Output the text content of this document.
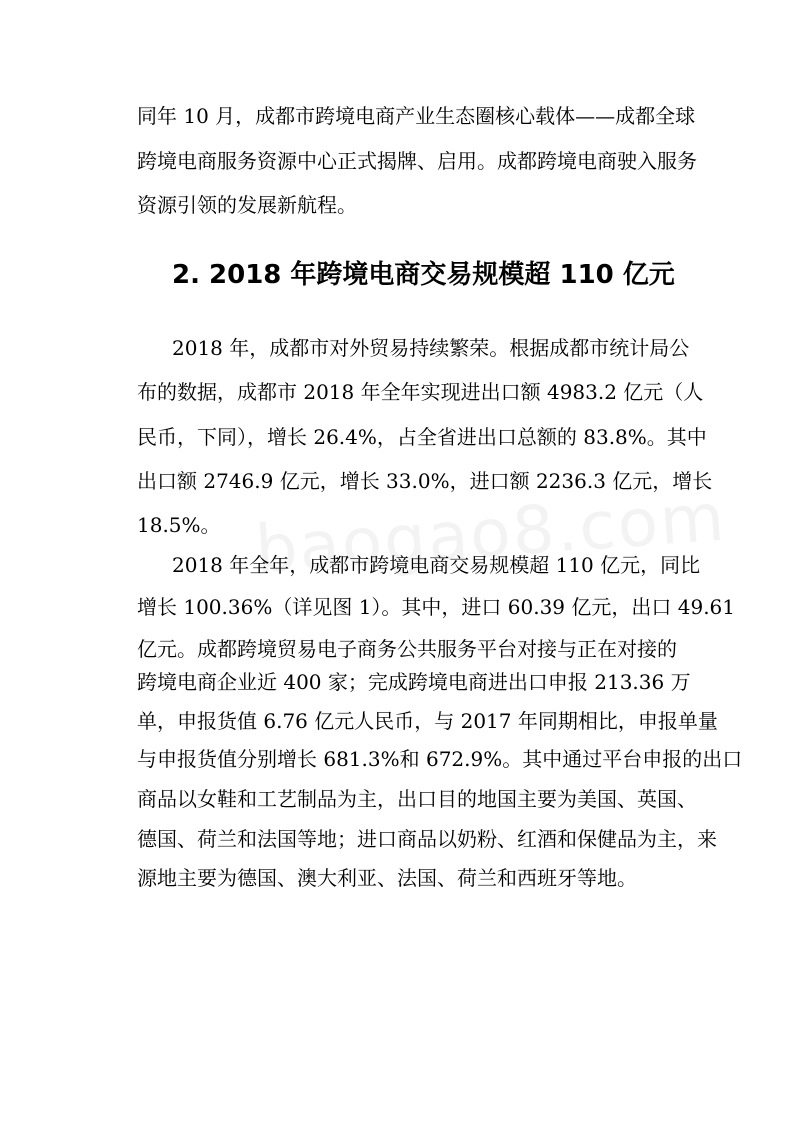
同年 10 月，成都市跨境电商产业生态圈核心载体——成都全球
跨境电商服务资源中心正式揭牌、启用。成都跨境电商驶入服务
资源引领的发展新航程。
2. 2018 年跨境电商交易规模超 110 亿元
2018 年，成都市对外贸易持续繁荣。根据成都市统计局公
布的数据，成都市 2018 年全年实现进出口额 4983.2 亿元（人
民币，下同），增长 26.4%，占全省进出口总额的 83.8%。其中
出口额 2746.9 亿元，增长 33.0%，进口额 2236.3 亿元，增长
18.5%。
2018 年全年，成都市跨境电商交易规模超 110 亿元，同比
增长 100.36%（详见图 1）。其中，进口 60.39 亿元，出口 49.61
亿元。成都跨境贸易电子商务公共服务平台对接与正在对接的
跨境电商企业近 400 家；完成跨境电商进出口申报 213.36 万
单，申报货值 6.76 亿元人民币，与 2017 年同期相比，申报单量
与申报货值分别增长 681.3%和 672.9%。其中通过平台申报的出口
商品以女鞋和工艺制品为主，出口目的地国主要为美国、英国、
德国、荷兰和法国等地；进口商品以奶粉、红酒和保健品为主，来
源地主要为德国、澳大利亚、法国、荷兰和西班牙等地。
